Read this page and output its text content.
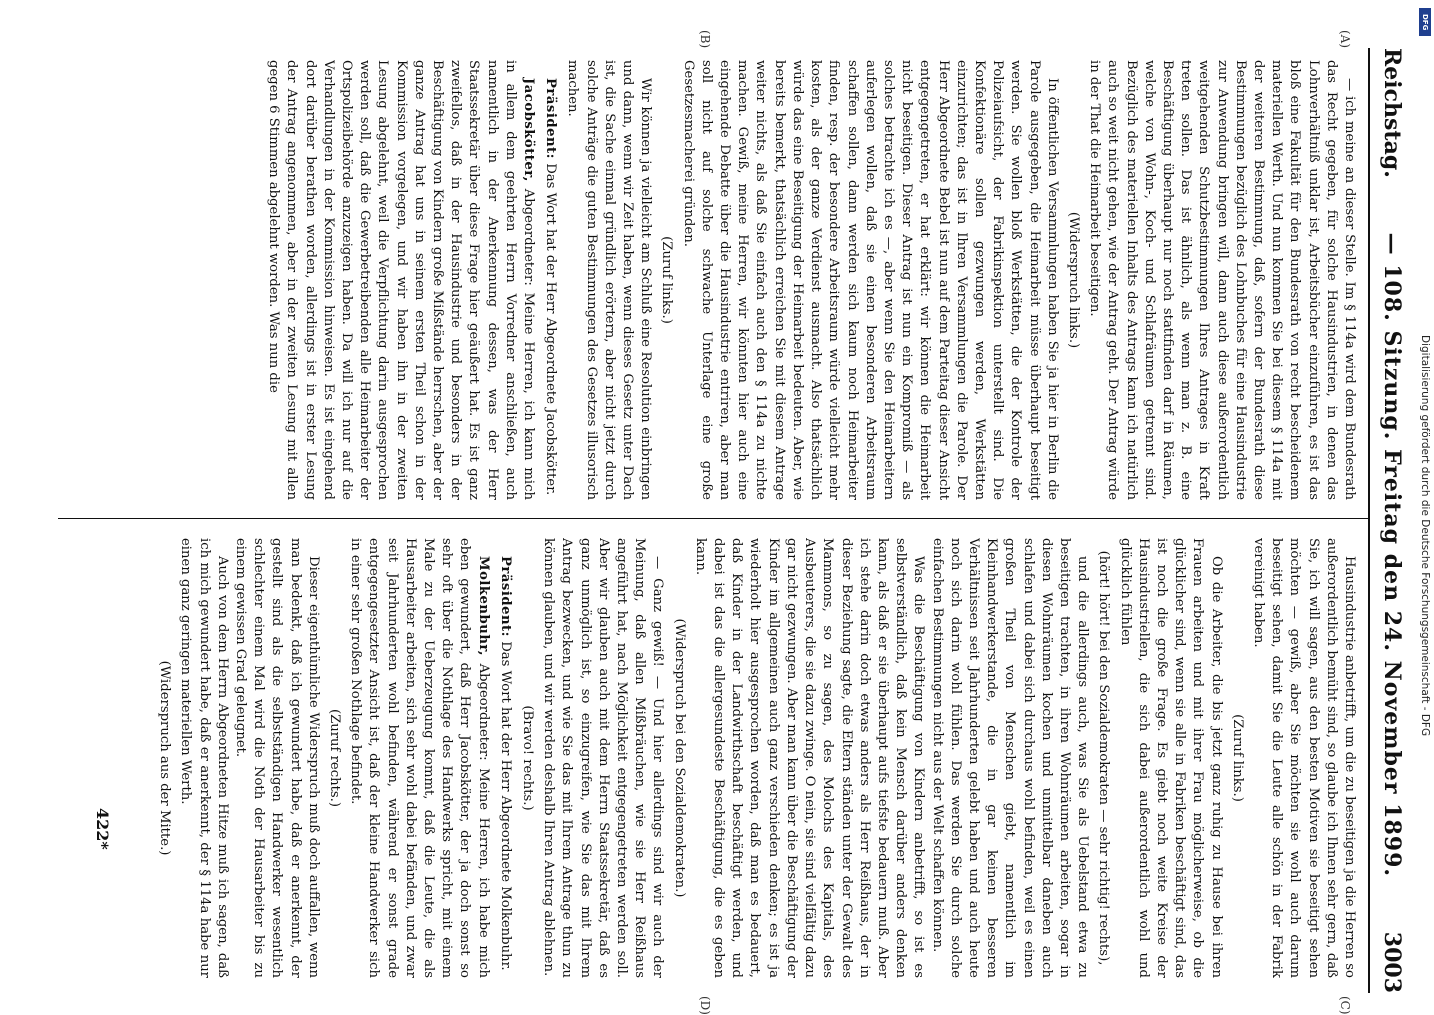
Reichstag.
— 108. Sitzung. Freitag den 24. November 1899.
3003

— ich meine an dieser Stelle. Im § 114a wird dem Bundesrath das Recht gegeben, für solche Hausindustrien, in denen das Lohnverhältniß unklar ist, Arbeitsbücher einzuführen, es ist das bloß eine Fakultät für den Bundesrath von recht bescheidenem materiellen Werth. Und nun kommen Sie bei diesem § 114a mit der weiteren Bestimmung, daß, sofern der Bundesrath diese Bestimmungen bezüglich des Lohnbuches für eine Hausindustrie zur Anwendung bringen will, dann auch diese außerordentlich weitgehenden Schutzbestimmungen Ihres Antrages in Kraft treten sollen. Das ist ähnlich, als wenn man z. B. eine Beschäftigung überhaupt nur noch stattfinden darf in Räumen, welche von Wohn-, Koch- und Schlafräumen getrennt sind. Bezüglich des materiellen Inhalts des Antrags kann ich natürlich auch so weit nicht gehen, wie der Antrag geht. Der Antrag würde in der That die Heimarbeit beseitigen.

(Widerspruch links.)

In öffentlichen Versammlungen haben Sie ja hier in Berlin die Parole ausgegeben, die Heimarbeit müsse überhaupt beseitigt werden. Sie wollen bloß Werkstätten, die der Kontrole der Polizeiaufsicht, der Fabrikinspektion unterstellt sind. Die Konfektionäre sollen gezwungen werden, Werkstätten einzurichten; das ist in Ihren Versammlungen die Parole. Der Herr Abgeordnete Bebel ist nun auf dem Parteitag dieser Ansicht entgegengetreten, er hat erklärt: wir können die Heimarbeit nicht beseitigen. Dieser Antrag ist nun ein Kompromiß — als solches betrachte ich es —, aber wenn Sie den Heimarbeitern auferlegen wollen, daß sie einen besonderen Arbeitsraum schaffen sollen, dann werden sich kaum noch Heimarbeiter finden, resp. der besondere Arbeitsraum würde vielleicht mehr kosten, als der ganze Verdienst ausmacht. Also thatsächlich würde das eine Beseitigung der Heimarbeit bedeuten. Aber, wie bereits bemerkt, thatsächlich erreichen Sie mit diesem Antrage weiter nichts, als daß Sie einfach auch den § 114a zu nichte machen. Gewiß, meine Herren, wir könnten hier auch eine eingehende Debatte über die Hausindustrie entriren, aber man soll nicht auf solche schwache Unterlage eine große Gesetzesmacherei gründen.

(Zuruf links.)

Wir können ja vielleicht am Schluß eine Resolution einbringen und dann, wenn wir Zeit haben, wenn dieses Gesetz unter Dach ist, die Sache einmal gründlich erörtern, aber nicht jetzt durch solche Anträge die guten Bestimmungen des Gesetzes illusorisch machen.

Präsident: Das Wort hat der Herr Abgeordnete Jacobskötter.

Jacobskötter, Abgeordneter: Meine Herren, ich kann mich in allem dem geehrten Herrn Vorredner anschließen, auch namentlich in der Anerkennung dessen, was der Herr Staatssekretär über diese Frage hier geäußert hat. Es ist ganz zweifellos, daß in der Hausindustrie und besonders in der Beschäftigung von Kindern große Mißstände herrschen, aber der ganze Antrag hat uns in seinem ersten Theil schon in der Kommission vorgelegen, und wir haben ihn in der zweiten Lesung abgelehnt, weil die Verpflichtung darin ausgesprochen werden soll, daß die Gewerbetreibenden alle Heimarbeiter der Ortspolizeibehörde anzuzeigen haben. Da will ich nur auf die Verhandlungen in der Kommission hinweisen. Es ist eingehend dort darüber berathen worden, allerdings ist in erster Lesung der Antrag angenommen, aber in der zweiten Lesung mit allen gegen 6 Stimmen abgelehnt worden. Was nun die

Hausindustrie anbetrifft, um die zu beseitigen ja die Herren so außerordentlich bemüht sind, so glaube ich Ihnen sehr gern, daß Sie, ich will sagen, aus den besten Motiven sie beseitigt sehen möchten — gewiß, aber Sie möchten sie wohl auch darum beseitigt sehen, damit Sie die Leute alle schön in der Fabrik vereinigt haben.

(Zuruf links.)

Ob die Arbeiter, die bis jetzt ganz ruhig zu Hause bei ihren Frauen arbeiten und mit ihrer Frau möglicherweise, ob die glücklicher sind, wenn sie alle in Fabriken beschäftigt sind, das ist noch die große Frage. Es giebt noch weite Kreise der Hausindustriellen, die sich dabei außerordentlich wohl und glücklich fühlen

(hört! hört! bei den Sozialdemokraten — sehr richtig! rechts),

und die allerdings auch, was Sie als Uebelstand etwa zu beseitigen trachten, in ihren Wohnräumen arbeiten, sogar in diesen Wohnräumen kochen und unmittelbar daneben auch schlafen und dabei sich durchaus wohl befinden, weil es einen großen Theil von Menschen giebt, namentlich im Kleinhandwerkerstande, die in gar keinen besseren Verhältnissen seit Jahrhunderten gelebt haben und auch heute noch sich darin wohl fühlen. Das werden Sie durch solche einfachen Bestimmungen nicht aus der Welt schaffen können.

Was die Beschäftigung von Kindern anbetrifft, so ist es selbstverständlich, daß kein Mensch darüber anders denken kann, als daß er sie überhaupt aufs tiefste bedauern muß. Aber ich stehe darin doch etwas anders als Herr Reißhaus, der in dieser Beziehung sagte, die Eltern ständen unter der Gewalt des Mammons, so zu sagen, des Molochs des Kapitals, des Ausbeuterers, die sie dazu zwinge. O nein, sie sind vielfältig dazu gar nicht gezwungen. Aber man kann über die Beschäftigung der Kinder im allgemeinen auch ganz verschieden denken; es ist ja wiederholt hier ausgesprochen worden, daß man es bedauert, daß Kinder in der Landwirthschaft beschäftigt werden, und dabei ist das die allergesundeste Beschäftigung, die es geben kann.

(Widerspruch bei den Sozialdemokraten.)

— Ganz gewiß! — Und hier allerdings sind wir auch der Meinung, daß allen Mißbräuchen, wie sie Herr Reißhaus angeführt hat, nach Möglichkeit entgegengetreten werden soll. Aber wir glauben auch mit dem Herrn Staatssekretär, daß es ganz unmöglich ist, so einzugreifen, wie Sie das mit Ihrem Antrag bezwecken, und wie Sie das mit Ihrem Antrage thun zu können glauben, und wir werden deshalb Ihren Antrag ablehnen.

(Bravo! rechts.)

Präsident: Das Wort hat der Herr Abgeordnete Molkenbuhr.

Molkenbuhr, Abgeordneter: Meine Herren, ich habe mich eben gewundert, daß Herr Jacobskötter, der ja doch sonst so sehr oft über die Nothlage des Handwerks spricht, mit einem Male zu der Ueberzeugung kommt, daß die Leute, die als Hausarbeiter arbeiten, sich sehr wohl dabei befänden, und zwar seit Jahrhunderten wohl befinden, während er sonst grade entgegengesetzter Ansicht ist, daß der kleine Handwerker sich in einer sehr großen Nothlage befindet.

(Zuruf rechts.)

Dieser eigenthümliche Widerspruch muß doch auffallen, wenn man bedenkt, daß ich gewundert habe, daß er anerkennt, der gestellt sind als die selbstständigen Handwerker wesentlich schlechter einem Mal wird die Noth der Hausarbeiter bis zu einem gewissen Grad geleugnet.

Auch von dem Herrn Abgeordneten Hitze muß ich sagen, daß ich mich gewundert habe, daß er anerkennt, der § 114a habe nur einen ganz geringen materiellen Werth.

(Widerspruch aus der Mitte.)

(A)
(B)
(C)
(D)
422*
DFG
Digitalisierung gefördert durch die Deutsche Forschungsgemeinschaft - DFG
